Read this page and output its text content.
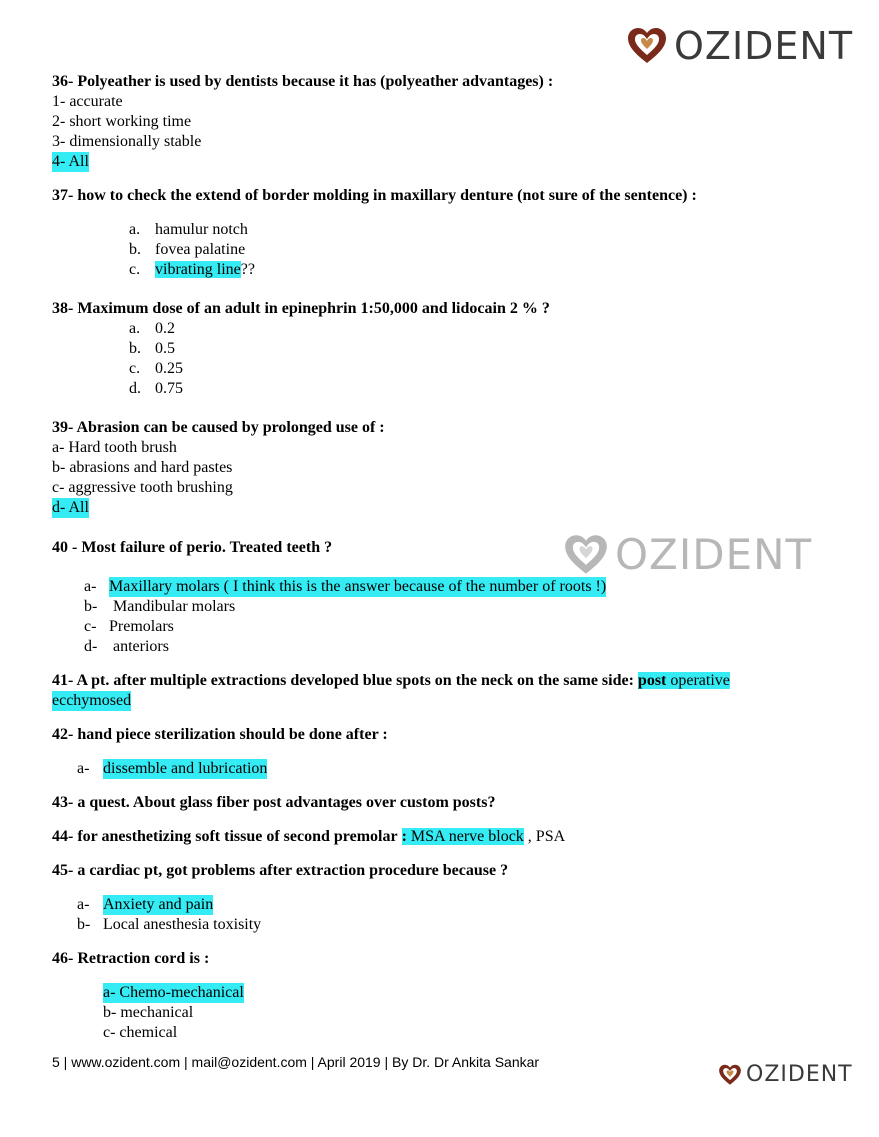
OZIDENT
OZIDENT
36- Polyeather is used by dentists because it has (polyeather advantages) :
1- accurate
2- short working time
3- dimensionally stable
4- All
37- how to check the extend of border molding in maxillary denture (not sure of the sentence) :
a. hamulur notch
b. fovea palatine
c. vibrating line??
38- Maximum dose of an adult in epinephrin 1:50,000 and lidocain 2 % ?
a. 0.2
b. 0.5
c. 0.25
d. 0.75
39- Abrasion can be caused by prolonged use of :
a- Hard tooth brush
b- abrasions and hard pastes
c- aggressive tooth brushing
d- All
40 - Most failure of perio. Treated teeth ?
a- Maxillary molars ( I think this is the answer because of the number of roots !)
b- Mandibular molars
c- Premolars
d- anteriors
41- A pt. after multiple extractions developed blue spots on the neck on the same side: post operative
ecchymosed
42- hand piece sterilization should be done after :
a- dissemble and lubrication
43- a quest. About glass fiber post advantages over custom posts?
44- for anesthetizing soft tissue of second premolar : MSA nerve block , PSA
45- a cardiac pt, got problems after extraction procedure because ?
a- Anxiety and pain
b- Local anesthesia toxisity
46- Retraction cord is :
a- Chemo-mechanical
b- mechanical
c- chemical
5 | www.ozident.com | mail@ozident.com | April 2019 | By Dr. Dr Ankita Sankar	OZIDENT
